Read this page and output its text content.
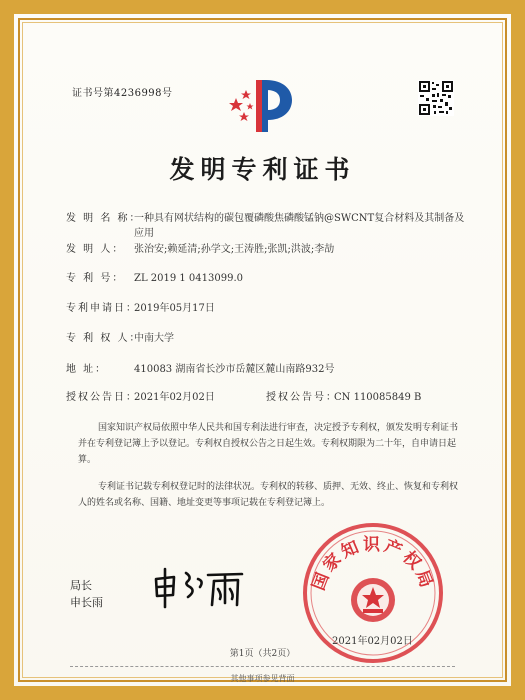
证书号第4236998号
发明专利证书
发 明 名 称：一种具有网状结构的碳包覆磷酸焦磷酸锰钠@SWCNT复合材料及其制备及应用
发 明 人： 张治安;赖延清;孙学文;王涛胜;张凯;洪波;李劼
专 利 号： ZL 2019 1 0413099.0
专利申请日：2019年05月17日
专 利 权 人：中南大学
地 址：	410083 湖南省长沙市岳麓区麓山南路932号
授权公告日：2021年02月02日	授权公告号：CN 110085849 B
国家知识产权局依照中华人民共和国专利法进行审查，决定授予专利权，颁发发明专利证书并在专利登记簿上予以登记。专利权自授权公告之日起生效。专利权期限为二十年，自申请日起算。
专利证书记载专利权登记时的法律状况。专利权的转移、质押、无效、终止、恢复和专利权人的姓名或名称、国籍、地址变更等事项记载在专利登记簿上。
局长
申长雨
国家知识产权局
2021年02月02日
第1页（共2页）
其他事项参见背面
